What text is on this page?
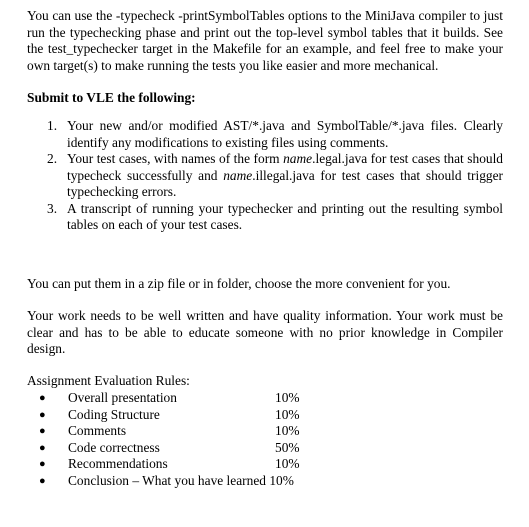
You can use the -typecheck -printSymbolTables options to the MiniJava compiler to just run the typechecking phase and print out the top-level symbol tables that it builds. See the test_typechecker target in the Makefile for an example, and feel free to make your own target(s) to make running the tests you like easier and more mechanical.

Submit to VLE the following:

1. Your new and/or modified AST/*.java and SymbolTable/*.java files. Clearly identify any modifications to existing files using comments.
2. Your test cases, with names of the form name.legal.java for test cases that should typecheck successfully and name.illegal.java for test cases that should trigger typechecking errors.
3. A transcript of running your typechecker and printing out the resulting symbol tables on each of your test cases.

You can put them in a zip file or in folder, choose the more convenient for you.

Your work needs to be well written and have quality information. Your work must be clear and has to be able to educate someone with no prior knowledge in Compiler design.

Assignment Evaluation Rules:

● Overall presentation	10%
● Coding Structure	10%
● Comments	10%
● Code correctness	50%
● Recommendations	10%
● Conclusion – What you have learned 10%
